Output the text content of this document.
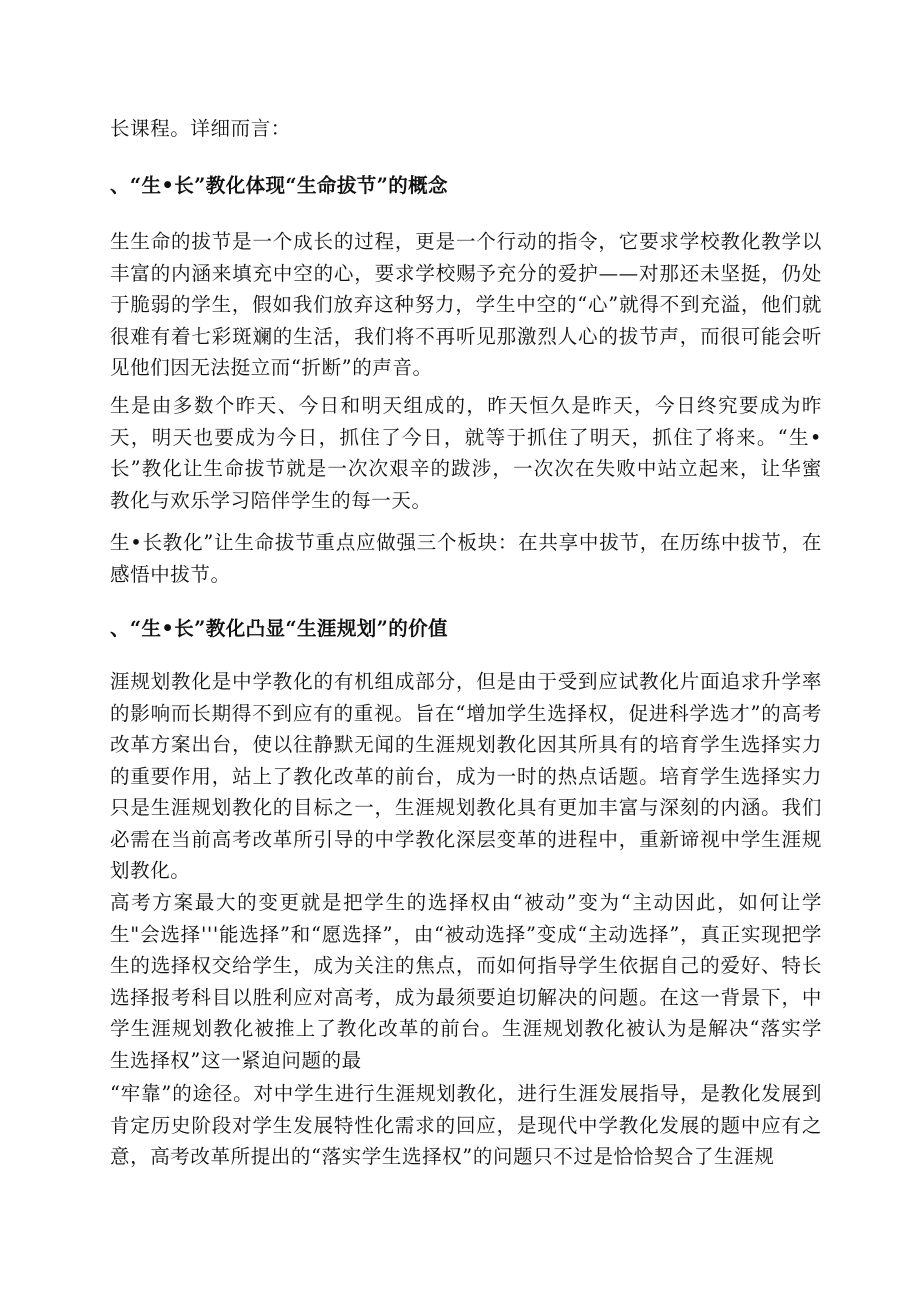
长课程。详细而言：

、“生•长”教化体现“生命拔节”的概念

生生命的拔节是一个成长的过程，更是一个行动的指令，它要求学校教化教学以丰富的内涵来填充中空的心，要求学校赐予充分的爱护——对那还未坚挺，仍处于脆弱的学生，假如我们放弃这种努力，学生中空的“心”就得不到充溢，他们就很难有着七彩斑斓的生活，我们将不再听见那激烈人心的拔节声，而很可能会听见他们因无法挺立而“折断”的声音。

生是由多数个昨天、今日和明天组成的，昨天恒久是昨天，今日终究要成为昨天，明天也要成为今日，抓住了今日，就等于抓住了明天，抓住了将来。“生•长”教化让生命拔节就是一次次艰辛的跋涉，一次次在失败中站立起来，让华蜜教化与欢乐学习陪伴学生的每一天。

生•长教化”让生命拔节重点应做强三个板块：在共享中拔节，在历练中拔节，在感悟中拔节。

、“生•长”教化凸显“生涯规划”的价值

涯规划教化是中学教化的有机组成部分，但是由于受到应试教化片面追求升学率的影响而长期得不到应有的重视。旨在“增加学生选择权，促进科学选才”的高考改革方案出台，使以往静默无闻的生涯规划教化因其所具有的培育学生选择实力的重要作用，站上了教化改革的前台，成为一时的热点话题。培育学生选择实力只是生涯规划教化的目标之一，生涯规划教化具有更加丰富与深刻的内涵。我们必需在当前高考改革所引导的中学教化深层变革的进程中，重新谛视中学生涯规划教化。

高考方案最大的变更就是把学生的选择权由“被动”变为“主动因此，如何让学生"会选择'''能选择”和“愿选择”，由“被动选择”变成“主动选择”，真正实现把学生的选择权交给学生，成为关注的焦点，而如何指导学生依据自己的爱好、特长选择报考科目以胜利应对高考，成为最须要迫切解决的问题。在这一背景下，中学生涯规划教化被推上了教化改革的前台。生涯规划教化被认为是解决“落实学生选择权”这一紧迫问题的最

“牢靠”的途径。对中学生进行生涯规划教化，进行生涯发展指导，是教化发展到肯定历史阶段对学生发展特性化需求的回应，是现代中学教化发展的题中应有之意，高考改革所提出的“落实学生选择权”的问题只不过是恰恰契合了生涯规
